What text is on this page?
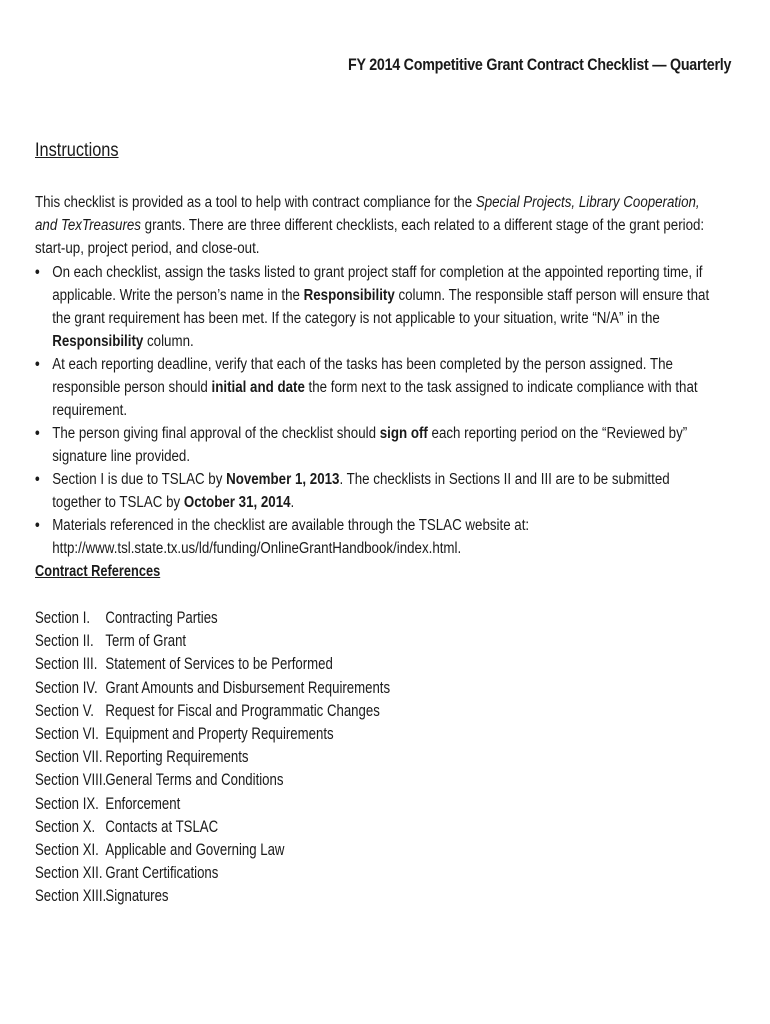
FY 2014 Competitive Grant Contract Checklist — Quarterly
Instructions

This checklist is provided as a tool to help with contract compliance for the Special Projects, Library Cooperation, and TexTreasures grants. There are three different checklists, each related to a different stage of the grant period: start-up, project period, and close-out.

• On each checklist, assign the tasks listed to grant project staff for completion at the appointed reporting time, if applicable. Write the person’s name in the Responsibility column. The responsible staff person will ensure that the grant requirement has been met. If the category is not applicable to your situation, write “N/A” in the Responsibility column.
• At each reporting deadline, verify that each of the tasks has been completed by the person assigned. The responsible person should initial and date the form next to the task assigned to indicate compliance with that requirement.
• The person giving final approval of the checklist should sign off each reporting period on the “Reviewed by” signature line provided.
• Section I is due to TSLAC by November 1, 2013. The checklists in Sections II and III are to be submitted together to TSLAC by October 31, 2014.
• Materials referenced in the checklist are available through the TSLAC website at: http://www.tsl.state.tx.us/ld/funding/OnlineGrantHandbook/index.html.
Contract References
Section I. Contracting Parties
Section II. Term of Grant
Section III. Statement of Services to be Performed
Section IV. Grant Amounts and Disbursement Requirements
Section V. Request for Fiscal and Programmatic Changes
Section VI. Equipment and Property Requirements
Section VII. Reporting Requirements
Section VIII. General Terms and Conditions
Section IX. Enforcement
Section X. Contacts at TSLAC
Section XI. Applicable and Governing Law
Section XII. Grant Certifications
Section XIII. Signatures
